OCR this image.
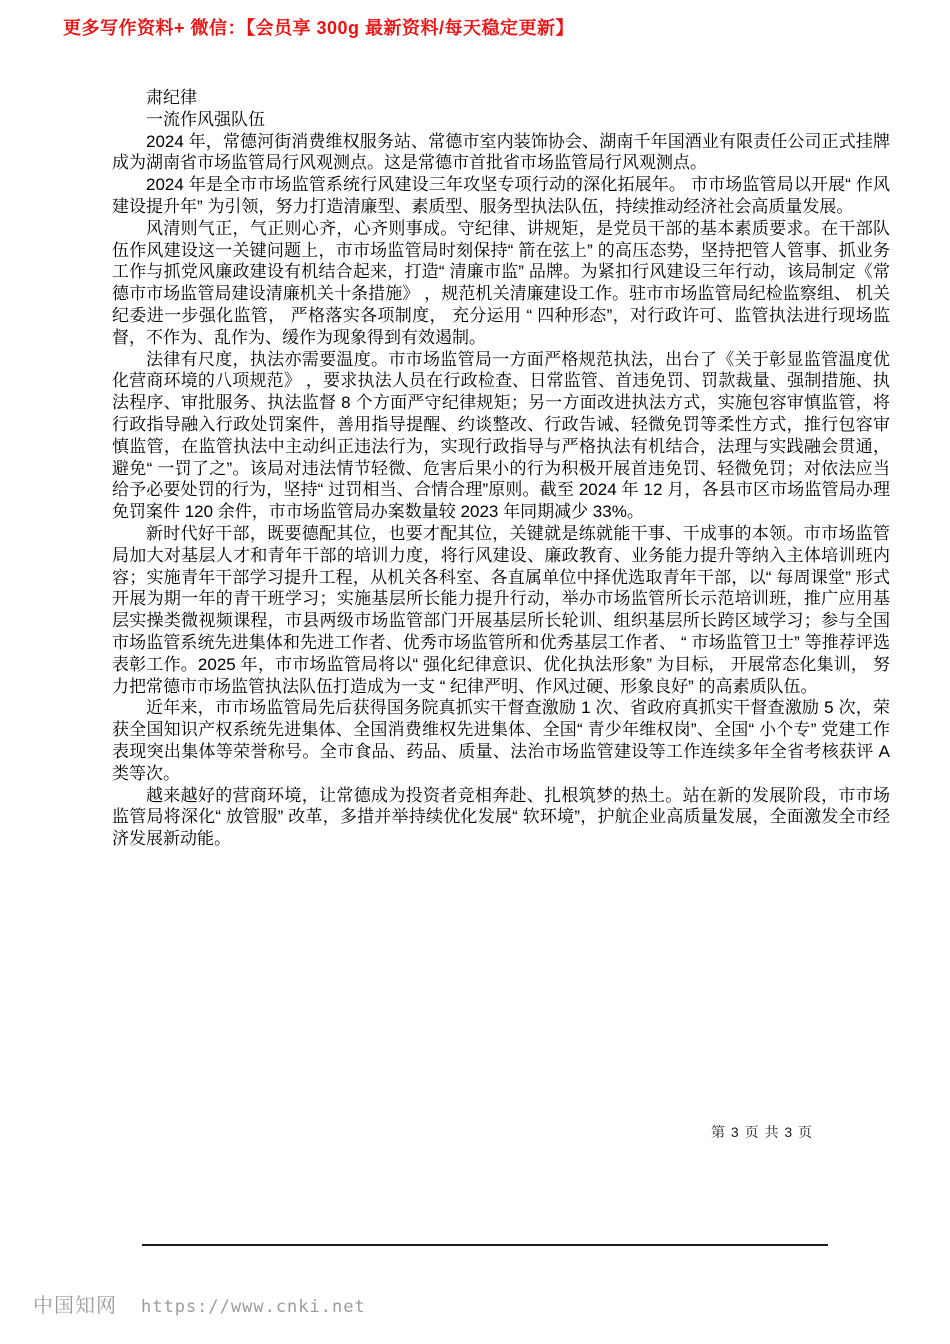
更多写作资料+ 微信：【会员享 300g 最新资料/每天稳定更新】

肃纪律

一流作风强队伍

2024 年，常德河街消费维权服务站、常德市室内装饰协会、湖南千年国酒业有限责任公司正式挂牌成为湖南省市场监管局行风观测点。这是常德市首批省市场监管局行风观测点。

2024 年是全市市场监管系统行风建设三年攻坚专项行动的深化拓展年。 市市场监管局以开展“ 作风建设提升年” 为引领，努力打造清廉型、素质型、服务型执法队伍，持续推动经济社会高质量发展。

风清则气正，气正则心齐，心齐则事成。守纪律、讲规矩，是党员干部的基本素质要求。在干部队伍作风建设这一关键问题上，市市场监管局时刻保持“ 箭在弦上” 的高压态势，坚持把管人管事、抓业务工作与抓党风廉政建设有机结合起来，打造“ 清廉市监” 品牌。为紧扣行风建设三年行动，该局制定《常德市市场监管局建设清廉机关十条措施》 ，规范机关清廉建设工作。驻市市场监管局纪检监察组、 机关纪委进一步强化监管， 严格落实各项制度， 充分运用 “ 四种形态”，对行政许可、监管执法进行现场监督，不作为、乱作为、缓作为现象得到有效遏制。

法律有尺度，执法亦需要温度。市市场监管局一方面严格规范执法，出台了《关于彰显监管温度优化营商环境的八项规范》 ，要求执法人员在行政检查、日常监管、首违免罚、罚款裁量、强制措施、执法程序、审批服务、执法监督 8 个方面严守纪律规矩；另一方面改进执法方式，实施包容审慎监管，将行政指导融入行政处罚案件，善用指导提醒、约谈整改、行政告诫、轻微免罚等柔性方式，推行包容审慎监管，在监管执法中主动纠正违法行为，实现行政指导与严格执法有机结合，法理与实践融会贯通，避免“ 一罚了之”。该局对违法情节轻微、危害后果小的行为积极开展首违免罚、轻微免罚；对依法应当给予必要处罚的行为，坚持“ 过罚相当、合情合理”原则。截至 2024 年 12 月，各县市区市场监管局办理免罚案件 120 余件，市市场监管局办案数量较 2023 年同期减少 33%。

新时代好干部，既要德配其位，也要才配其位，关键就是练就能干事、干成事的本领。市市场监管局加大对基层人才和青年干部的培训力度，将行风建设、廉政教育、业务能力提升等纳入主体培训班内容；实施青年干部学习提升工程，从机关各科室、各直属单位中择优选取青年干部，以“ 每周课堂” 形式开展为期一年的青干班学习；实施基层所长能力提升行动，举办市场监管所长示范培训班，推广应用基层实操类微视频课程，市县两级市场监管部门开展基层所长轮训、组织基层所长跨区域学习；参与全国市场监管系统先进集体和先进工作者、优秀市场监管所和优秀基层工作者、 “ 市场监管卫士” 等推荐评选表彰工作。2025 年，市市场监管局将以“ 强化纪律意识、优化执法形象” 为目标， 开展常态化集训， 努力把常德市市场监管执法队伍打造成为一支 “ 纪律严明、作风过硬、形象良好” 的高素质队伍。

近年来，市市场监管局先后获得国务院真抓实干督查激励 1 次、省政府真抓实干督查激励 5 次，荣获全国知识产权系统先进集体、全国消费维权先进集体、全国“ 青少年维权岗”、全国“ 小个专” 党建工作表现突出集体等荣誉称号。全市食品、药品、质量、法治市场监管建设等工作连续多年全省考核获评 A 类等次。

越来越好的营商环境，让常德成为投资者竞相奔赴、扎根筑梦的热土。站在新的发展阶段，市市场监管局将深化“ 放管服” 改革，多措并举持续优化发展“ 软环境”，护航企业高质量发展，全面激发全市经济发展新动能。

第 3 页 共 3 页
中国知网 https://www.cnki.net
